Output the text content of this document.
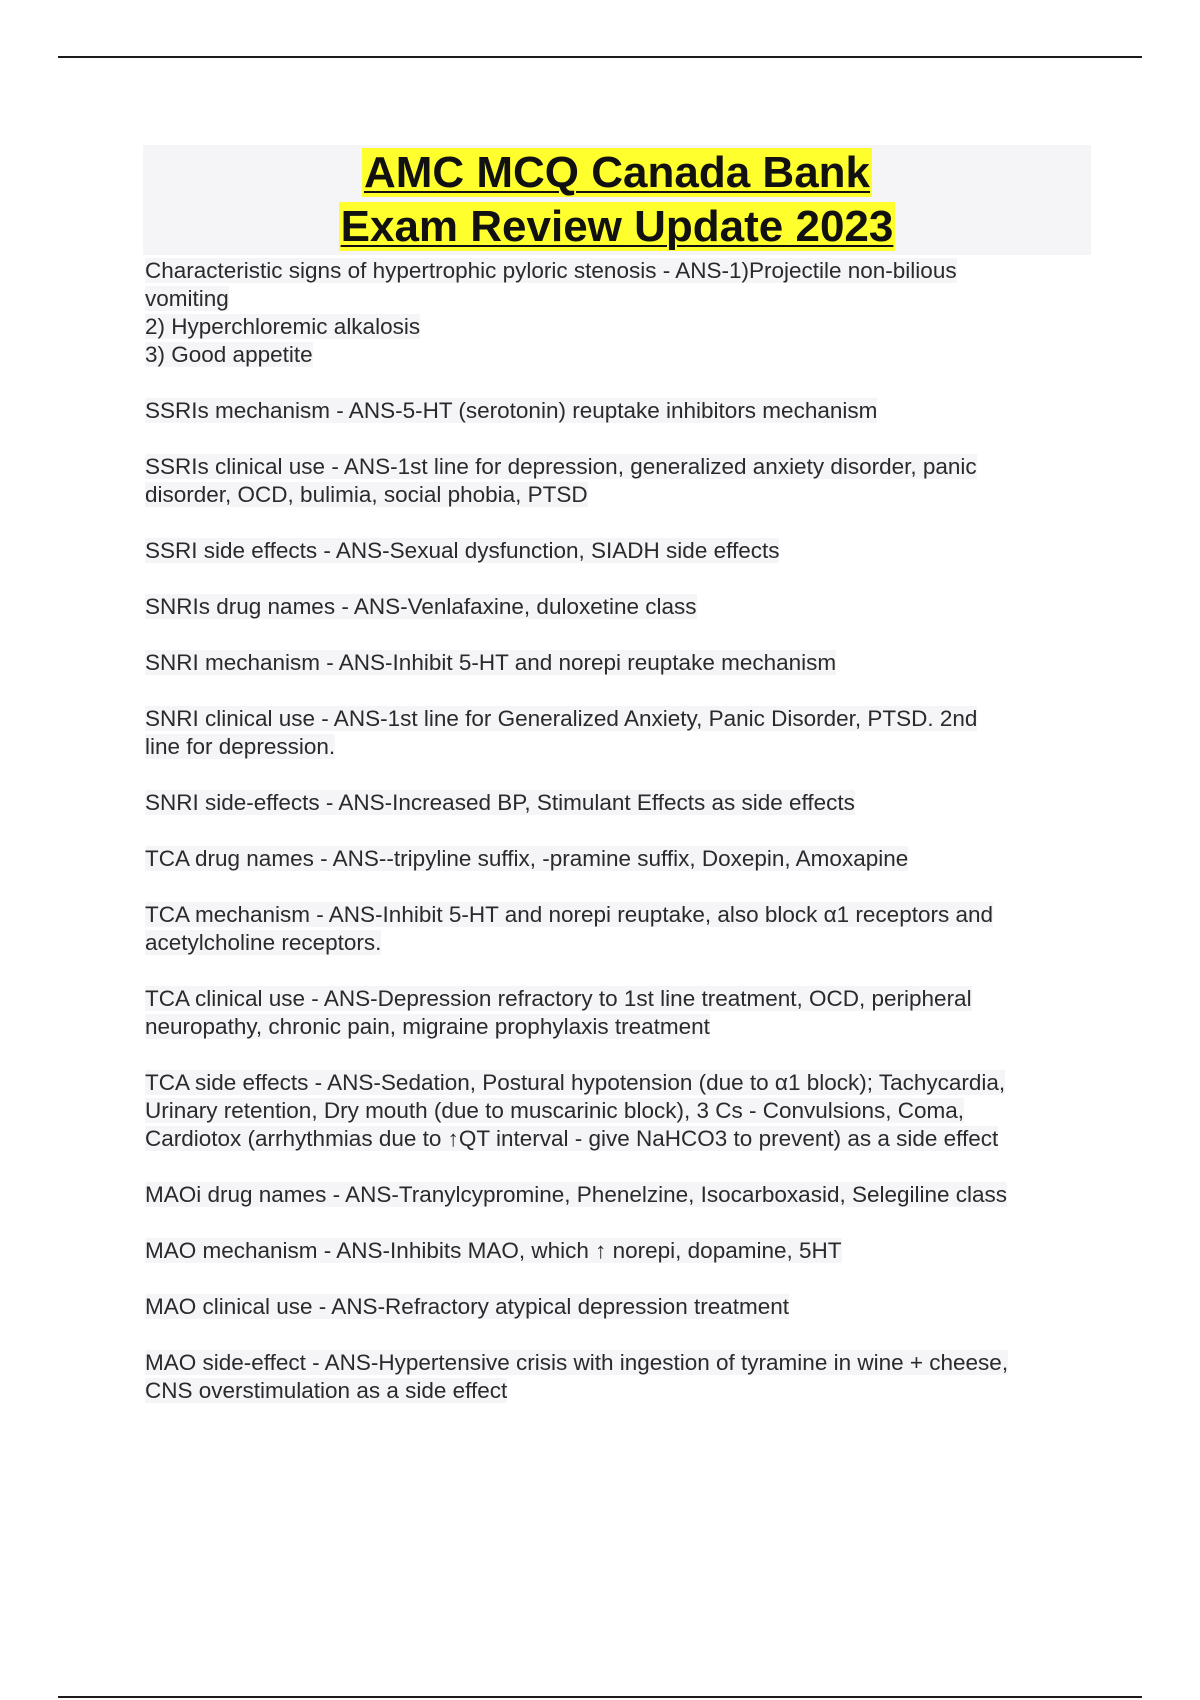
AMC MCQ Canada Bank
Exam Review Update 2023
Characteristic signs of hypertrophic pyloric stenosis - ANS-1)Projectile non-bilious
vomiting
2) Hyperchloremic alkalosis
3) Good appetite
SSRIs mechanism - ANS-5-HT (serotonin) reuptake inhibitors mechanism
SSRIs clinical use - ANS-1st line for depression, generalized anxiety disorder, panic
disorder, OCD, bulimia, social phobia, PTSD
SSRI side effects - ANS-Sexual dysfunction, SIADH side effects
SNRIs drug names - ANS-Venlafaxine, duloxetine class
SNRI mechanism - ANS-Inhibit 5-HT and norepi reuptake mechanism
SNRI clinical use - ANS-1st line for Generalized Anxiety, Panic Disorder, PTSD. 2nd
line for depression.
SNRI side-effects - ANS-Increased BP, Stimulant Effects as side effects
TCA drug names - ANS--tripyline suffix, -pramine suffix, Doxepin, Amoxapine
TCA mechanism - ANS-Inhibit 5-HT and norepi reuptake, also block α1 receptors and
acetylcholine receptors.
TCA clinical use - ANS-Depression refractory to 1st line treatment, OCD, peripheral
neuropathy, chronic pain, migraine prophylaxis treatment
TCA side effects - ANS-Sedation, Postural hypotension (due to α1 block); Tachycardia,
Urinary retention, Dry mouth (due to muscarinic block), 3 Cs - Convulsions, Coma,
Cardiotox (arrhythmias due to ↑QT interval - give NaHCO3 to prevent) as a side effect
MAOi drug names - ANS-Tranylcypromine, Phenelzine, Isocarboxasid, Selegiline class
MAO mechanism - ANS-Inhibits MAO, which ↑ norepi, dopamine, 5HT
MAO clinical use - ANS-Refractory atypical depression treatment
MAO side-effect - ANS-Hypertensive crisis with ingestion of tyramine in wine + cheese,
CNS overstimulation as a side effect
